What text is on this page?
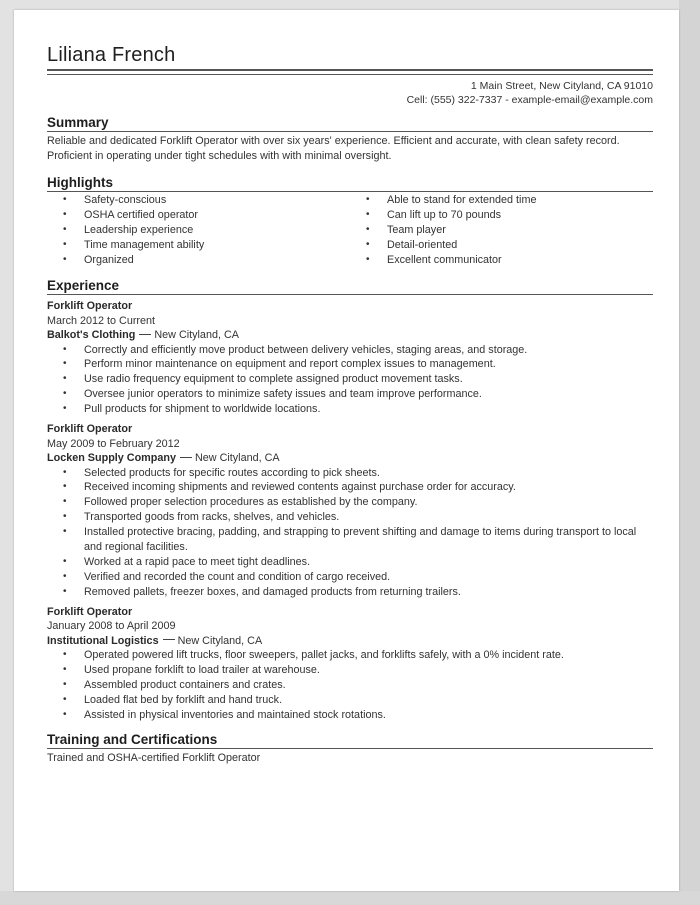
Liliana French
1 Main Street, New Cityland, CA 91010
Cell: (555) 322-7337 - example-email@example.com
Summary
Reliable and dedicated Forklift Operator with over six years' experience. Efficient and accurate, with clean safety record. Proficient in operating under tight schedules with with minimal oversight.
Highlights
• Safety-conscious
• OSHA certified operator
• Leadership experience
• Time management ability
• Organized
• Able to stand for extended time
• Can lift up to 70 pounds
• Team player
• Detail-oriented
• Excellent communicator
Experience
Forklift Operator
March 2012 to Current
Balkot's Clothing New Cityland, CA
• Correctly and efficiently move product between delivery vehicles, staging areas, and storage.
• Perform minor maintenance on equipment and report complex issues to management.
• Use radio frequency equipment to complete assigned product movement tasks.
• Oversee junior operators to minimize safety issues and team improve performance.
• Pull products for shipment to worldwide locations.
Forklift Operator
May 2009 to February 2012
Locken Supply Company New Cityland, CA
• Selected products for specific routes according to pick sheets.
• Received incoming shipments and reviewed contents against purchase order for accuracy.
• Followed proper selection procedures as established by the company.
• Transported goods from racks, shelves, and vehicles.
• Installed protective bracing, padding, and strapping to prevent shifting and damage to items during transport to local and regional facilities.
• Worked at a rapid pace to meet tight deadlines.
• Verified and recorded the count and condition of cargo received.
• Removed pallets, freezer boxes, and damaged products from returning trailers.
Forklift Operator
January 2008 to April 2009
Institutional Logistics New Cityland, CA
• Operated powered lift trucks, floor sweepers, pallet jacks, and forklifts safely, with a 0% incident rate.
• Used propane forklift to load trailer at warehouse.
• Assembled product containers and crates.
• Loaded flat bed by forklift and hand truck.
• Assisted in physical inventories and maintained stock rotations.
Training and Certifications
Trained and OSHA-certified Forklift Operator
